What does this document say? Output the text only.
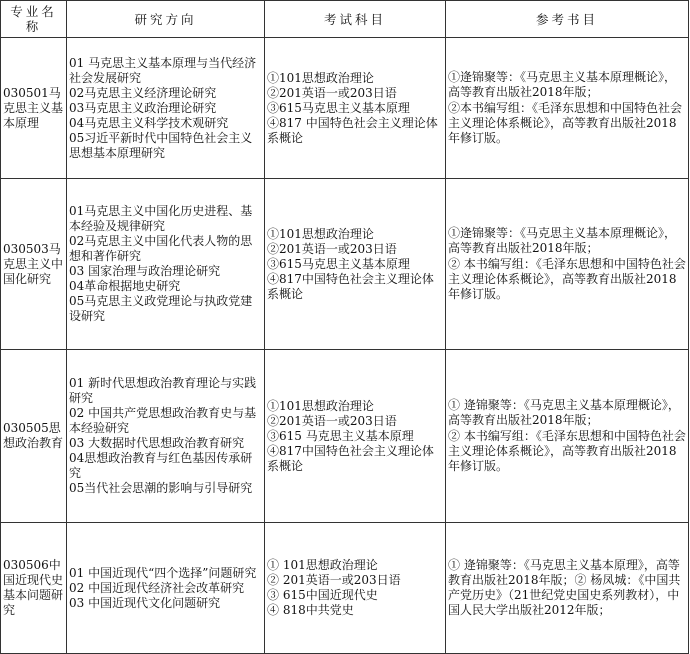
专业名称	研究方向	考试科目	参考书目

030501马克思主义基本原理	01 马克思主义基本原理与当代经济社会发展研究
02马克思主义经济理论研究
03马克思主义政治理论研究
04马克思主义科学技术观研究
05习近平新时代中国特色社会主义思想基本原理研究	①101思想政治理论
②201英语一或203日语
③615马克思主义基本原理
④817 中国特色社会主义理论体系概论	①逄锦聚等：《马克思主义基本原理概论》，高等教育出版社2018年版；
②本书编写组：《毛泽东思想和中国特色社会主义理论体系概论》，高等教育出版社2018年修订版。

030503马克思主义中国化研究	01马克思主义中国化历史进程、基本经验及规律研究
02马克思主义中国化代表人物的思想和著作研究
03 国家治理与政治理论研究
04革命根据地史研究
05马克思主义政党理论与执政党建设研究	①101思想政治理论
②201英语一或203日语
③615马克思主义基本原理
④817中国特色社会主义理论体系概论	①逄锦聚等：《马克思主义基本原理概论》，高等教育出版社2018年版；
② 本书编写组：《毛泽东思想和中国特色社会主义理论体系概论》，高等教育出版社2018年修订版。

030505思想政治教育	01 新时代思想政治教育理论与实践研究
02 中国共产党思想政治教育史与基本经验研究
03 大数据时代思想政治教育研究
04思想政治教育与红色基因传承研究
05当代社会思潮的影响与引导研究	①101思想政治理论
②201英语一或203日语
③615 马克思主义基本原理
④817中国特色社会主义理论体系概论	① 逄锦聚等：《马克思主义基本原理概论》，高等教育出版社2018年版；
② 本书编写组：《毛泽东思想和中国特色社会主义理论体系概论》，高等教育出版社2018年修订版。

030506中国近现代史基本问题研究	01 中国近现代“四个选择”问题研究
02 中国近现代经济社会改革研究
03 中国近现代文化问题研究	① 101思想政治理论
② 201英语一或203日语
③ 615中国近现代史
④ 818中共党史	① 逄锦聚等：《马克思主义基本原理》，高等教育出版社2018年版；② 杨凤城：《中国共产党历史》（21世纪党史国史系列教材），中国人民大学出版社2012年版；
